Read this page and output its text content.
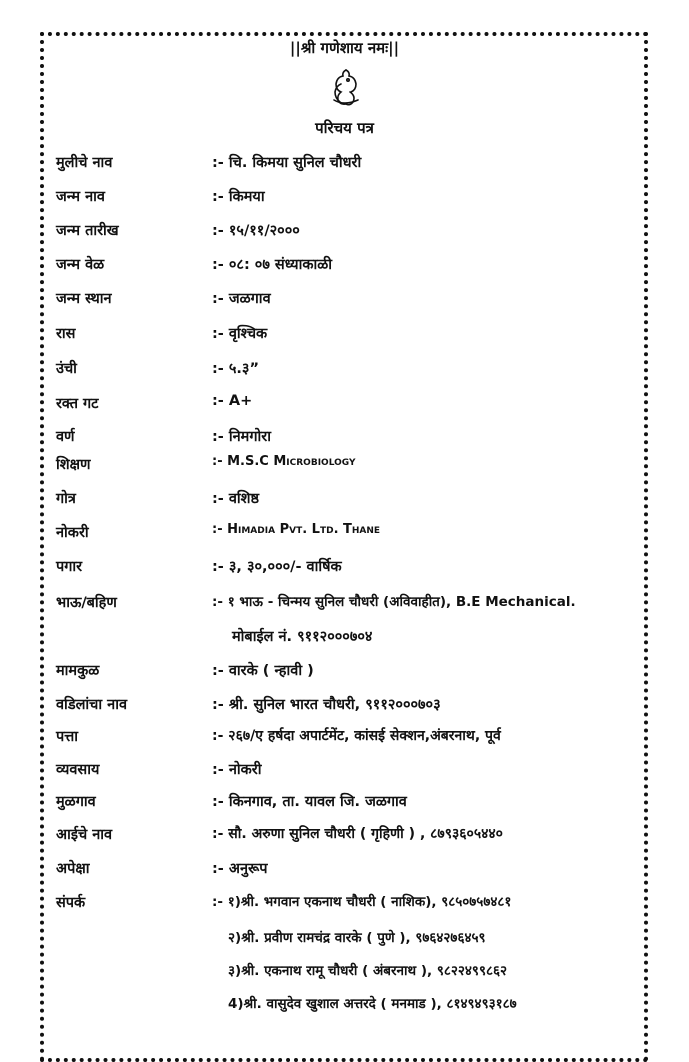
||श्री गणेशाय नमः||
परिचय पत्र
मुलीचे नाव	:- चि. किमया सुनिल चौधरी
जन्म नाव	:- किमया
जन्म तारीख	:- १५/११/२०००
जन्म वेळ	:- ०८: ०७ संध्याकाळी
जन्म स्थान	:- जळगाव
रास	:- वृश्चिक
उंची	:- ५.३”
रक्त गट	:- A+
वर्ण	:- निमगोरा
शिक्षण	:- M.S.C Microbiology
गोत्र	:- वशिष्ठ
नोकरी	:- Himadia Pvt. Ltd. Thane
पगार	:- ३, ३०,०००/- वार्षिक
भाऊ/बहिण	:- १ भाऊ - चिन्मय सुनिल चौधरी (अविवाहीत), B.E Mechanical.
मोबाईल नं. ९११२०००७०४
मामकुळ	:- वारके ( न्हावी )
वडिलांचा नाव	:- श्री. सुनिल भारत चौधरी, ९११२०००७०३
पत्ता	:- २६७/ए हर्षदा अपार्टमेंट, कांसई सेक्शन,अंबरनाथ, पूर्व
व्यवसाय	:- नोकरी
मुळगाव	:- किनगाव, ता. यावल जि. जळगाव
आईचे नाव	:- सौ. अरुणा सुनिल चौधरी ( गृहिणी ) , ८७९३६०५४४०
अपेक्षा	:- अनुरूप
संपर्क	:- १)श्री. भगवान एकनाथ चौधरी ( नाशिक), ९८५०७५७४८१
२)श्री. प्रवीण रामचंद्र वारके ( पुणे ), ९७६४२७६४५९
३)श्री. एकनाथ रामू चौधरी ( अंबरनाथ ), ९८२२४९९८६२
4)श्री. वासुदेव खुशाल अत्तरदे ( मनमाड ), ८१४९४९३१८७
